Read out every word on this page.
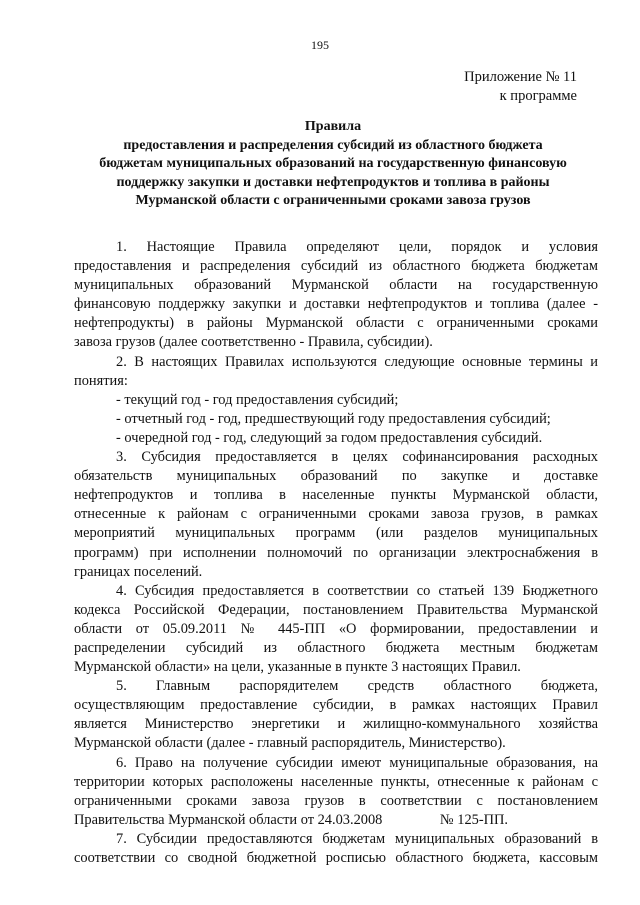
195
Приложение № 11
к программе
Правила
предоставления и распределения субсидий из областного бюджета
бюджетам муниципальных образований на государственную финансовую
поддержку закупки и доставки нефтепродуктов и топлива в районы
Мурманской области с ограниченными сроками завоза грузов
1. Настоящие Правила определяют цели, порядок и условия
предоставления и распределения субсидий из областного бюджета бюджетам
муниципальных образований Мурманской области на государственную
финансовую поддержку закупки и доставки нефтепродуктов и топлива (далее -
нефтепродукты) в районы Мурманской области с ограниченными сроками
завоза грузов (далее соответственно - Правила, субсидии).
2. В настоящих Правилах используются следующие основные термины и
понятия:
- текущий год - год предоставления субсидий;
- отчетный год - год, предшествующий году предоставления субсидий;
- очередной год - год, следующий за годом предоставления субсидий.
3. Субсидия предоставляется в целях софинансирования расходных
обязательств муниципальных образований по закупке и доставке
нефтепродуктов и топлива в населенные пункты Мурманской области,
отнесенные к районам с ограниченными сроками завоза грузов, в рамках
мероприятий муниципальных программ (или разделов муниципальных
программ) при исполнении полномочий по организации электроснабжения в
границах поселений.
4. Субсидия предоставляется в соответствии со статьей 139 Бюджетного
кодекса Российской Федерации, постановлением Правительства Мурманской
области от 05.09.2011 № 445-ПП «О формировании, предоставлении и
распределении субсидий из областного бюджета местным бюджетам
Мурманской области» на цели, указанные в пункте 3 настоящих Правил.
5. Главным распорядителем средств областного бюджета,
осуществляющим предоставление субсидии, в рамках настоящих Правил
является Министерство энергетики и жилищно-коммунального хозяйства
Мурманской области (далее - главный распорядитель, Министерство).
6. Право на получение субсидии имеют муниципальные образования, на
территории которых расположены населенные пункты, отнесенные к районам с
ограниченными сроками завоза грузов в соответствии с постановлением
Правительства Мурманской области от 24.03.2008                № 125-ПП.
7. Субсидии предоставляются бюджетам муниципальных образований в
соответствии со сводной бюджетной росписью областного бюджета, кассовым
